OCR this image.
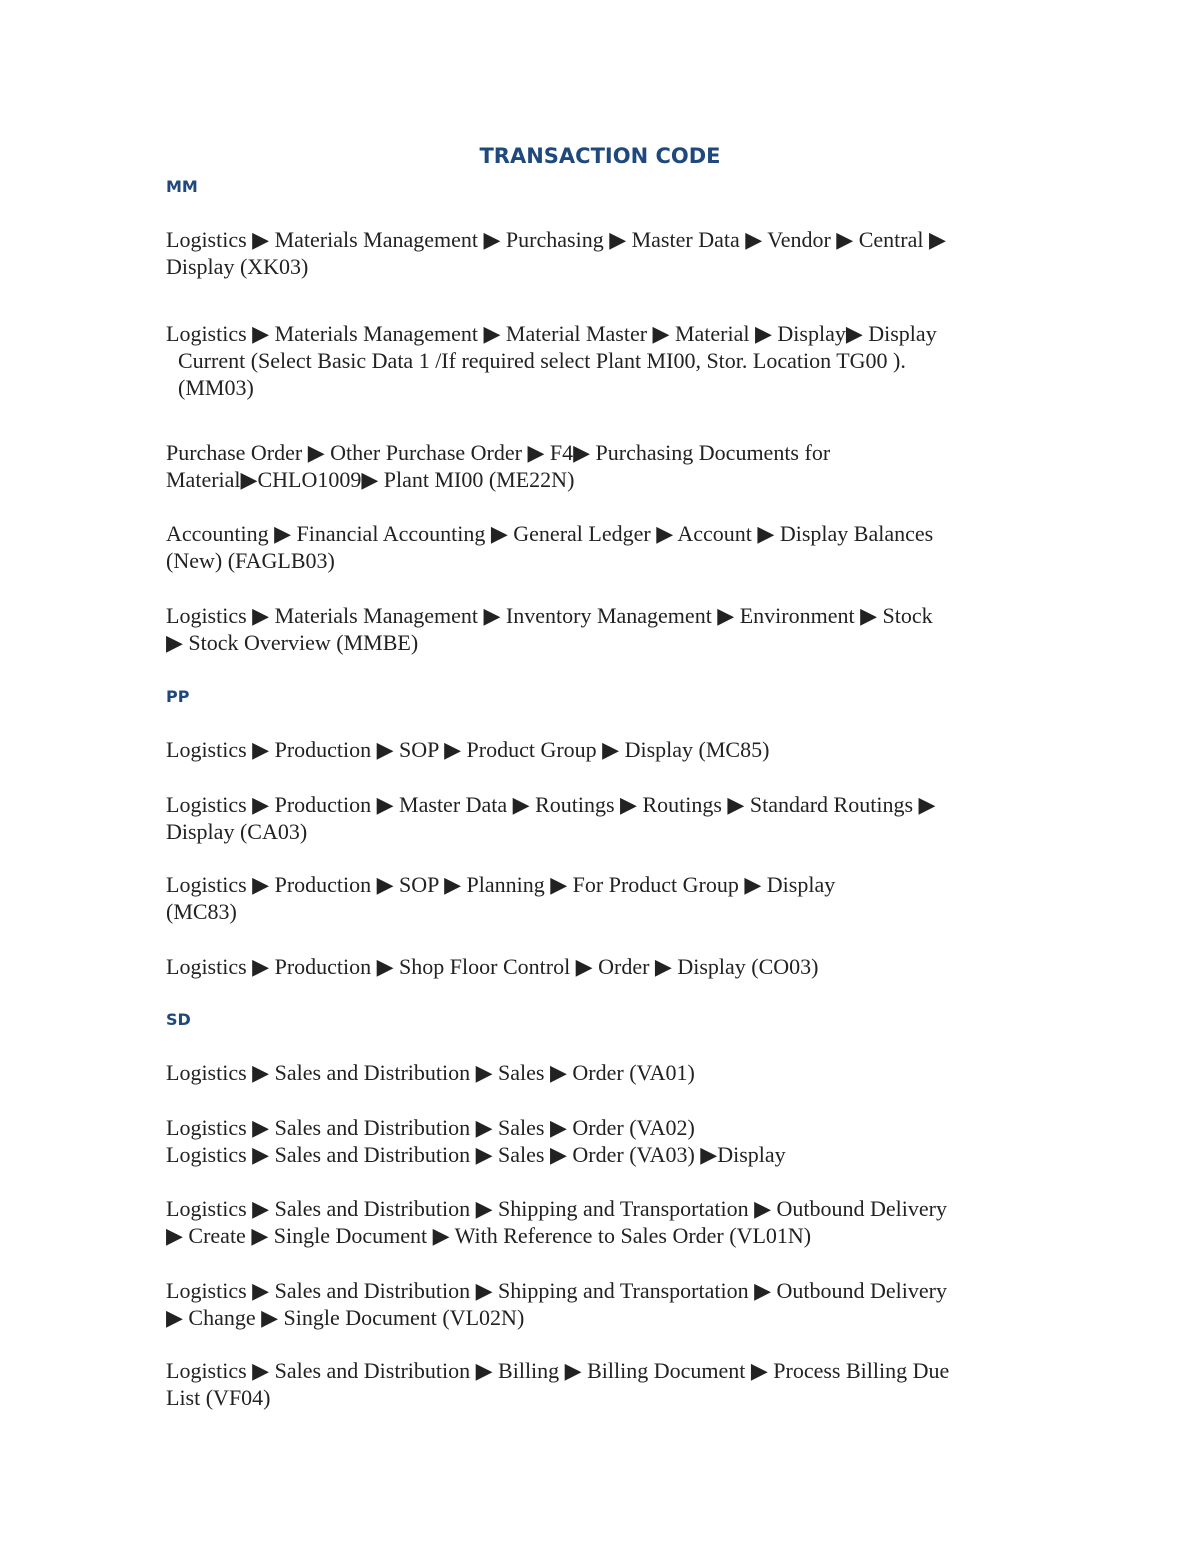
TRANSACTION CODE
MM

Logistics ▶ Materials Management ▶ Purchasing ▶ Master Data ▶ Vendor ▶ Central ▶
Display (XK03)

Logistics ▶ Materials Management ▶ Material Master ▶ Material ▶ Display▶ Display
Current (Select Basic Data 1 /If required select Plant MI00, Stor. Location TG00 ).
(MM03)

Purchase Order ▶ Other Purchase Order ▶ F4▶ Purchasing Documents for
Material▶CHLO1009▶ Plant MI00 (ME22N)

Accounting ▶ Financial Accounting ▶ General Ledger ▶ Account ▶ Display Balances
(New) (FAGLB03)

Logistics ▶ Materials Management ▶ Inventory Management ▶ Environment ▶ Stock
▶ Stock Overview (MMBE)

PP

Logistics ▶ Production ▶ SOP ▶ Product Group ▶ Display (MC85)

Logistics ▶ Production ▶ Master Data ▶ Routings ▶ Routings ▶ Standard Routings ▶
Display (CA03)

Logistics ▶ Production ▶ SOP ▶ Planning ▶ For Product Group ▶ Display
(MC83)

Logistics ▶ Production ▶ Shop Floor Control ▶ Order ▶ Display (CO03)

SD

Logistics ▶ Sales and Distribution ▶ Sales ▶ Order (VA01)

Logistics ▶ Sales and Distribution ▶ Sales ▶ Order (VA02)
Logistics ▶ Sales and Distribution ▶ Sales ▶ Order (VA03) ▶Display

Logistics ▶ Sales and Distribution ▶ Shipping and Transportation ▶ Outbound Delivery
▶ Create ▶ Single Document ▶ With Reference to Sales Order (VL01N)

Logistics ▶ Sales and Distribution ▶ Shipping and Transportation ▶ Outbound Delivery
▶ Change ▶ Single Document (VL02N)

Logistics ▶ Sales and Distribution ▶ Billing ▶ Billing Document ▶ Process Billing Due
List (VF04)
